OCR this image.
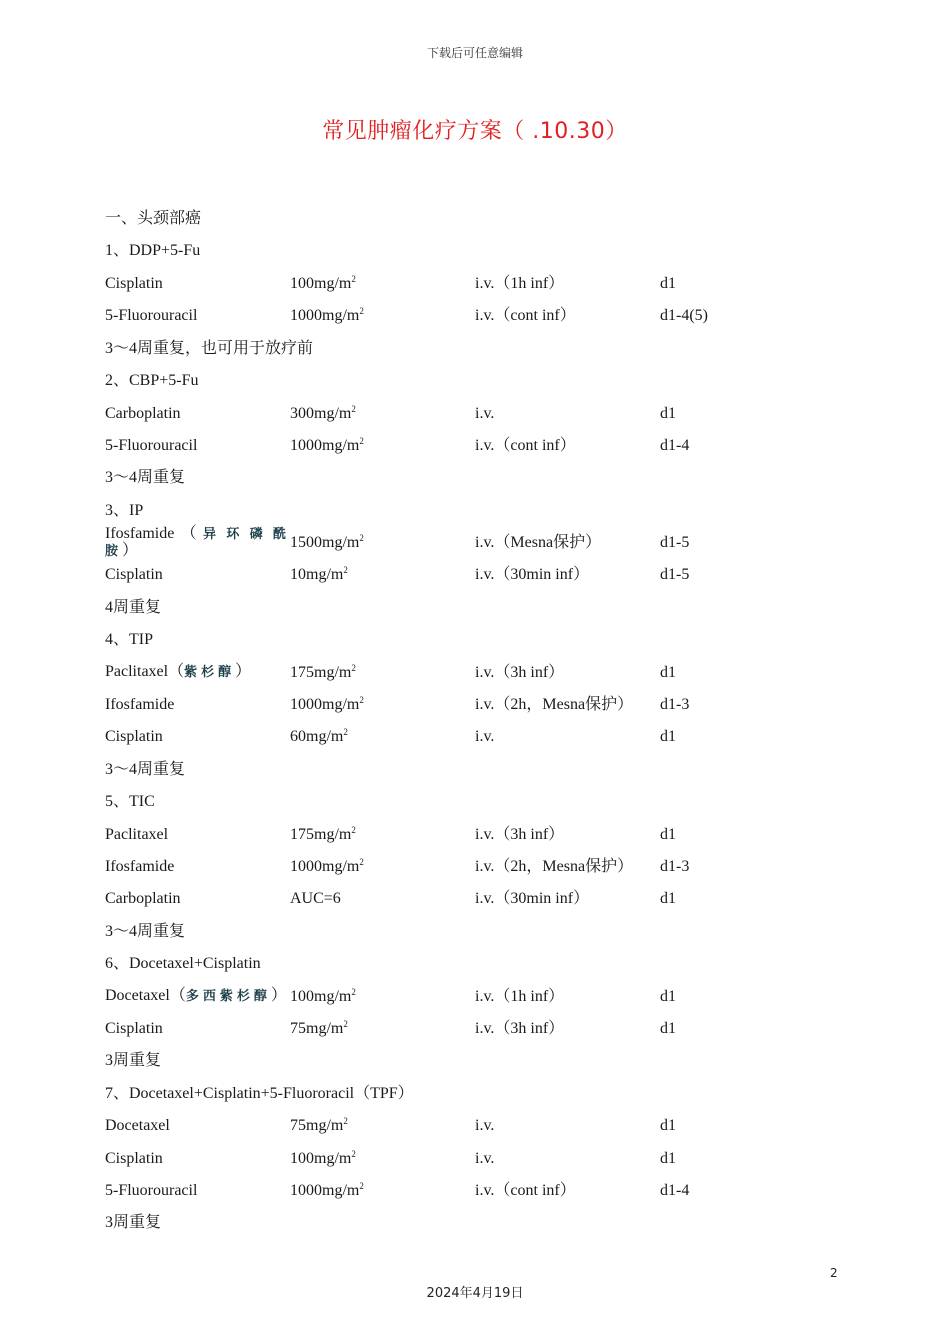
下载后可任意编辑
常见肿瘤化疗方案（ .10.30）
一、头颈部癌
1、DDP+5-Fu
Cisplatin	$100mg/m^2$	i.v.（1h inf）	d1
5-Fluorouracil	$1000mg/m^2$	i.v.（cont inf）	d1-4(5)
3～4周重复，也可用于放疗前
2、CBP+5-Fu
Carboplatin	$300mg/m^2$	i.v.	d1
5-Fluorouracil	$1000mg/m^2$	i.v.（cont inf）	d1-4
3～4周重复
3、IP
Ifosfamide（异环磷酰胺）	$1500mg/m^2$	i.v.（Mesna保护）	d1-5
Cisplatin	$10mg/m^2$	i.v.（30min inf）	d1-5
4周重复
4、TIP
Paclitaxel（紫杉醇）	$175mg/m^2$	i.v.（3h inf）	d1
Ifosfamide	$1000mg/m^2$	i.v.（2h，Mesna保护）	d1-3
Cisplatin	$60mg/m^2$	i.v.	d1
3～4周重复
5、TIC
Paclitaxel	$175mg/m^2$	i.v.（3h inf）	d1
Ifosfamide	$1000mg/m^2$	i.v.（2h，Mesna保护）	d1-3
Carboplatin	AUC=6	i.v.（30min inf）	d1
3～4周重复
6、Docetaxel+Cisplatin
Docetaxel（多西紫杉醇） $100mg/m^2$	i.v.（1h inf）	d1
Cisplatin	$75mg/m^2$	i.v.（3h inf）	d1
3周重复
7、Docetaxel+Cisplatin+5-Fluororacil（TPF）
Docetaxel	$75mg/m^2$	i.v.	d1
Cisplatin	$100mg/m^2$	i.v.	d1
5-Fluorouracil	$1000mg/m^2$	i.v.（cont inf）	d1-4
3周重复
2
2024年4月19日
